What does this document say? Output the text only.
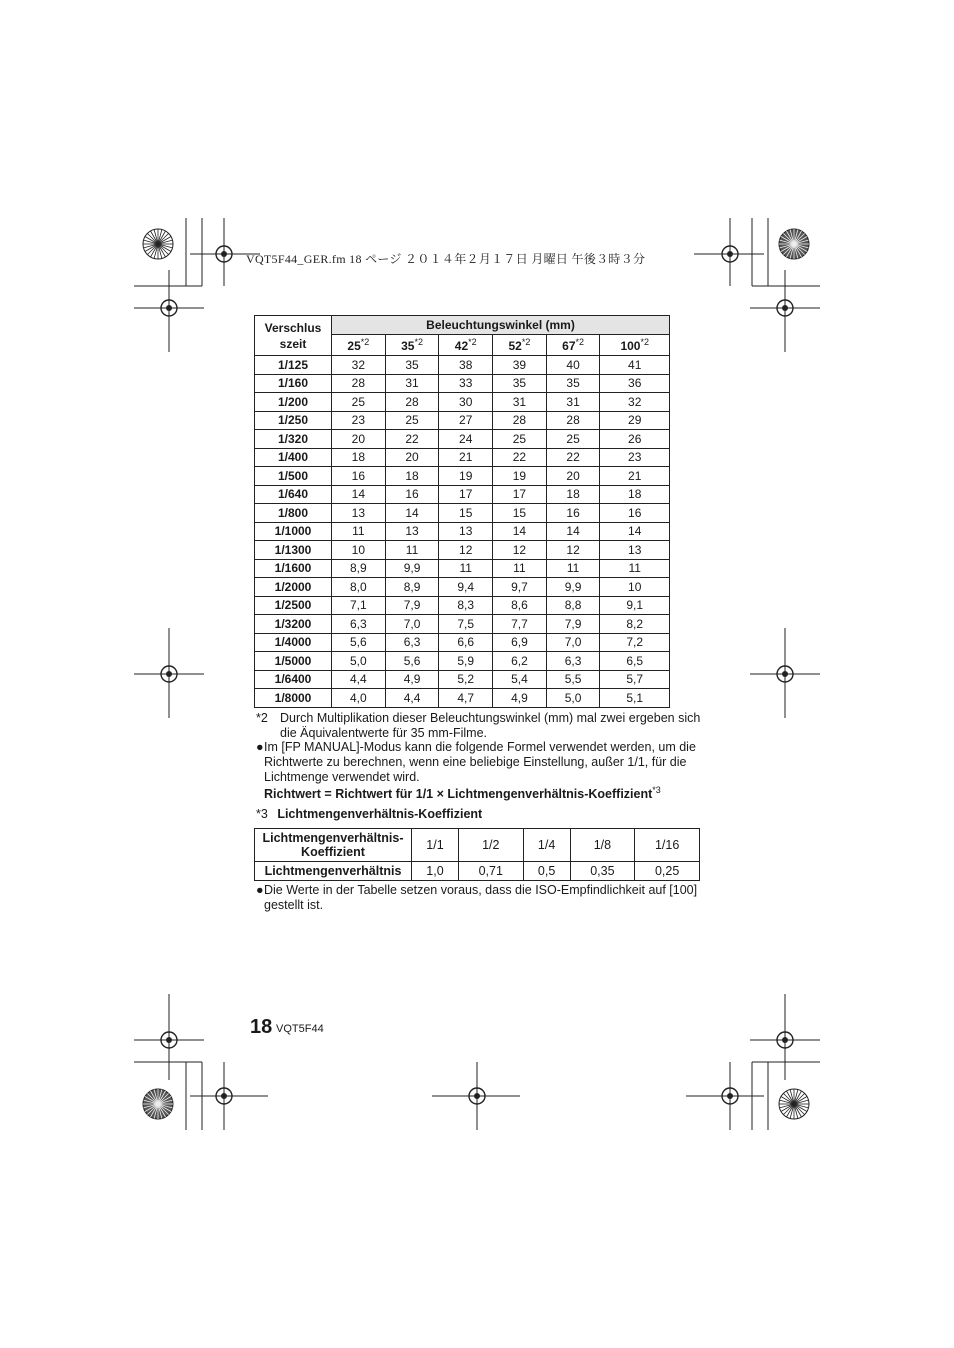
VQT5F44_GER.fm 18 ページ ２０１４年２月１７日 月曜日 午後３時３分
Verschlus szeit	Beleuchtungswinkel (mm)					
	25$^{*2}$	35$^{*2}$	42$^{*2}$	52$^{*2}$	67$^{*2}$	100$^{*2}$
1/125	32	35	38	39	40	41
1/160	28	31	33	35	35	36
1/200	25	28	30	31	31	32
1/250	23	25	27	28	28	29
1/320	20	22	24	25	25	26
1/400	18	20	21	22	22	23
1/500	16	18	19	19	20	21
1/640	14	16	17	17	18	18
1/800	13	14	15	15	16	16
1/1000	11	13	13	14	14	14
1/1300	10	11	12	12	12	13
1/1600	8,9	9,9	11	11	11	11
1/2000	8,0	8,9	9,4	9,7	9,9	10
1/2500	7,1	7,9	8,3	8,6	8,8	9,1
1/3200	6,3	7,0	7,5	7,7	7,9	8,2
1/4000	5,6	6,3	6,6	6,9	7,0	7,2
1/5000	5,0	5,6	5,9	6,2	6,3	6,5
1/6400	4,4	4,9	5,2	5,4	5,5	5,7
1/8000	4,0	4,4	4,7	4,9	5,0	5,1
*2 Durch Multiplikation dieser Beleuchtungswinkel (mm) mal zwei ergeben sich die Äquivalentwerte für 35 mm-Filme.
● Im [FP MANUAL]-Modus kann die folgende Formel verwendet werden, um die Richtwerte zu berechnen, wenn eine beliebige Einstellung, außer 1/1, für die Lichtmenge verwendet wird.
Richtwert = Richtwert für 1/1 × Lichtmengenverhältnis-Koeffizient$^{*3}$
*3 Lichtmengenverhältnis-Koeffizient
Lichtmengenverhältnis-Koeffizient	1/1	1/2	1/4	1/8	1/16
Lichtmengenverhältnis	1,0	0,71	0,5	0,35	0,25
● Die Werte in der Tabelle setzen voraus, dass die ISO-Empfindlichkeit auf [100] gestellt ist.
18 VQT5F44
